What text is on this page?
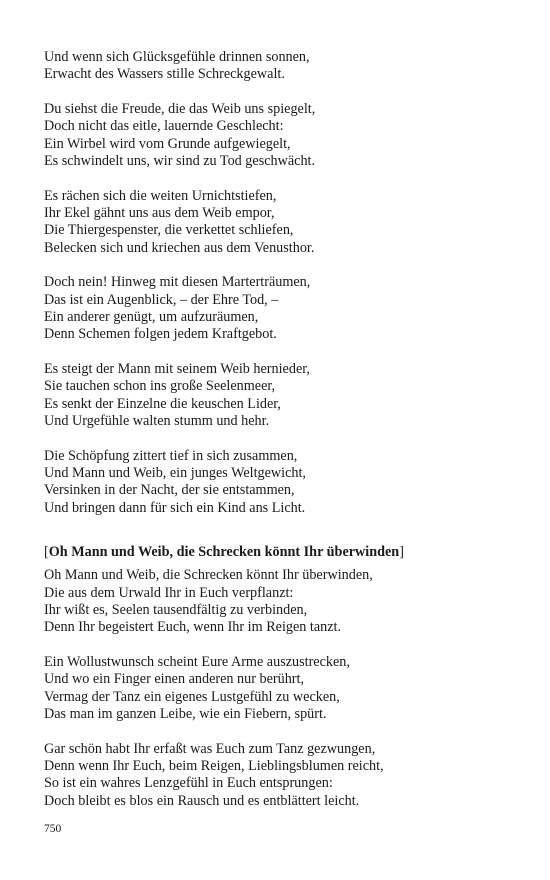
Und wenn sich Glücksgefühle drinnen sonnen,
Erwacht des Wassers stille Schreckgewalt.
Du siehst die Freude, die das Weib uns spiegelt,
Doch nicht das eitle, lauernde Geschlecht:
Ein Wirbel wird vom Grunde aufgewiegelt,
Es schwindelt uns, wir sind zu Tod geschwächt.
Es rächen sich die weiten Urnichtstiefen,
Ihr Ekel gähnt uns aus dem Weib empor,
Die Thiergespenster, die verkettet schliefen,
Belecken sich und kriechen aus dem Venusthor.
Doch nein! Hinweg mit diesen Marterträumen,
Das ist ein Augenblick, – der Ehre Tod, –
Ein anderer genügt, um aufzuräumen,
Denn Schemen folgen jedem Kraftgebot.
Es steigt der Mann mit seinem Weib hernieder,
Sie tauchen schon ins große Seelenmeer,
Es senkt der Einzelne die keuschen Lider,
Und Urgefühle walten stumm und hehr.
Die Schöpfung zittert tief in sich zusammen,
Und Mann und Weib, ein junges Weltgewicht,
Versinken in der Nacht, der sie entstammen,
Und bringen dann für sich ein Kind ans Licht.
[Oh Mann und Weib, die Schrecken könnt Ihr überwinden]
Oh Mann und Weib, die Schrecken könnt Ihr überwinden,
Die aus dem Urwald Ihr in Euch verpflanzt:
Ihr wißt es, Seelen tausendfältig zu verbinden,
Denn Ihr begeistert Euch, wenn Ihr im Reigen tanzt.
Ein Wollustwunsch scheint Eure Arme auszustrecken,
Und wo ein Finger einen anderen nur berührt,
Vermag der Tanz ein eigenes Lustgefühl zu wecken,
Das man im ganzen Leibe, wie ein Fiebern, spürt.
Gar schön habt Ihr erfaßt was Euch zum Tanz gezwungen,
Denn wenn Ihr Euch, beim Reigen, Lieblingsblumen reicht,
So ist ein wahres Lenzgefühl in Euch entsprungen:
Doch bleibt es blos ein Rausch und es entblättert leicht.
750
